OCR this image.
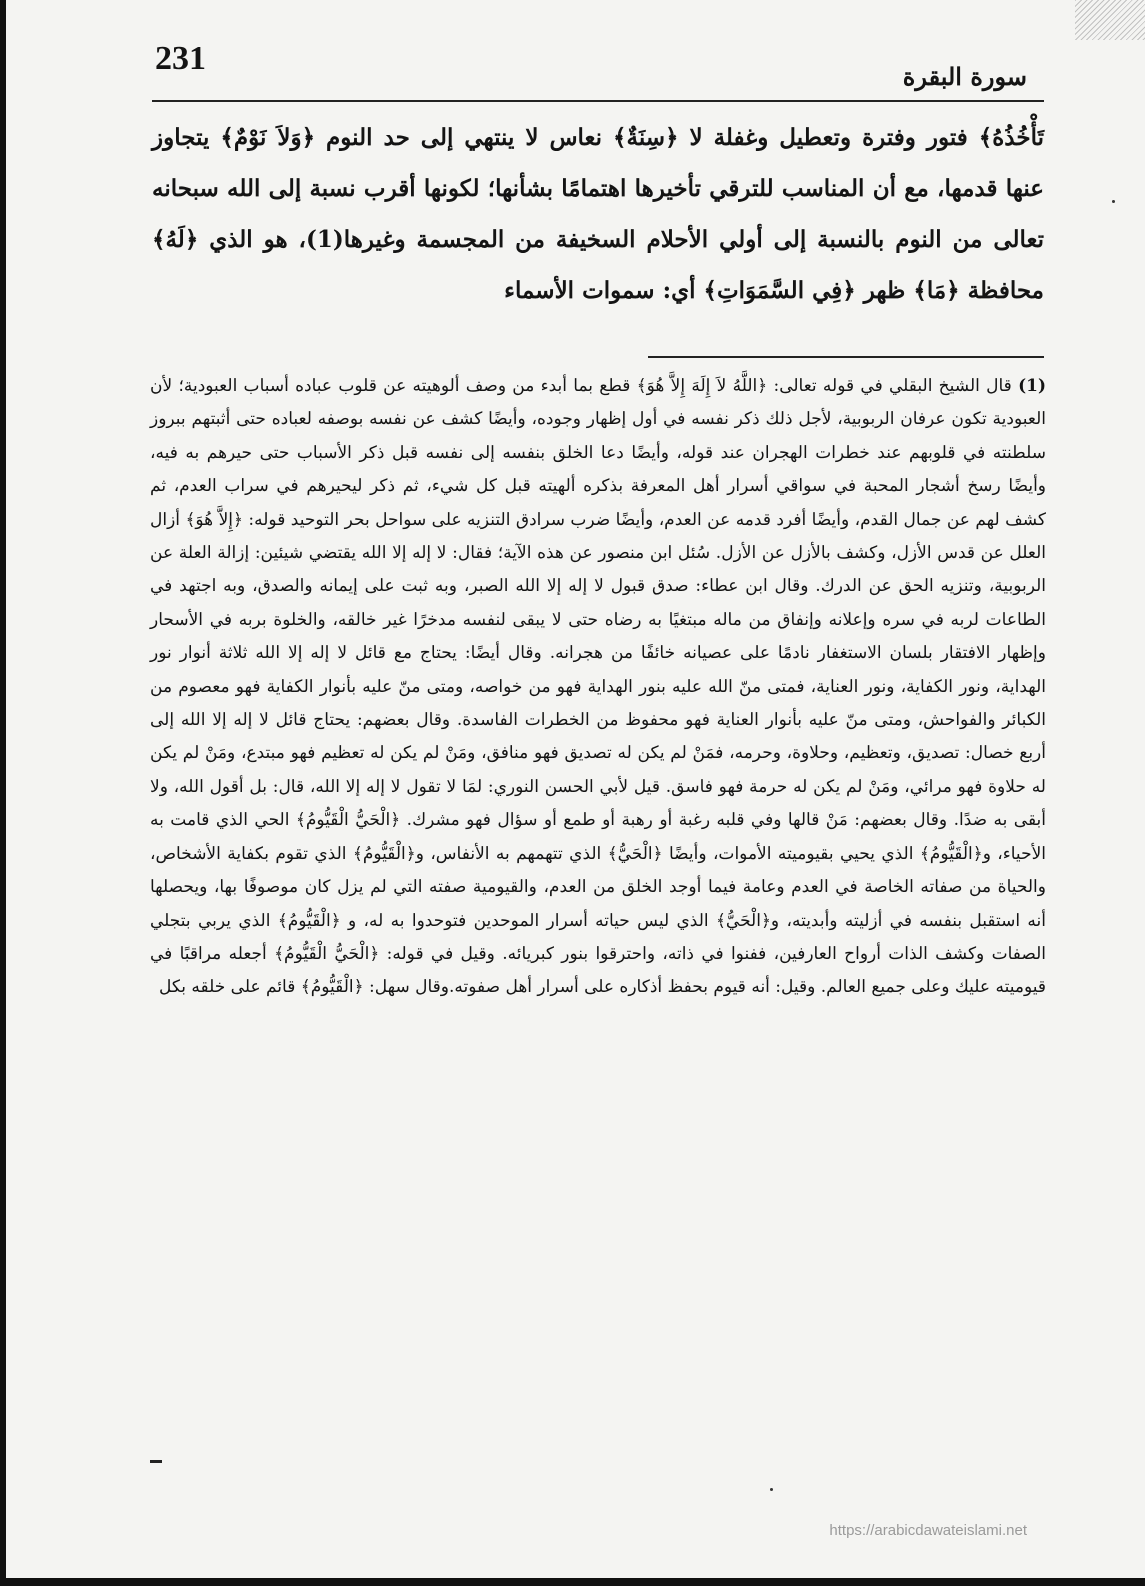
231	سورة البقرة

تَأْخُذُهُ﴾ فتور وفترة وتعطيل وغفلة لا ﴿سِنَةٌ﴾ نعاس لا ينتهي إلى حد النوم ﴿وَلاَ نَوْمٌ﴾ يتجاوز عنها قدمها، مع أن المناسب للترقي تأخيرها اهتمامًا بشأنها؛ لكونها أقرب نسبة إلى الله سبحانه تعالى من النوم بالنسبة إلى أولي الأحلام السخيفة من المجسمة وغيرها(1)، هو الذي ﴿لَهُ﴾ محافظة ﴿مَا﴾ ظهر ﴿فِي السَّمَوَاتِ﴾ أي: سموات الأسماء

(1) قال الشيخ البقلي في قوله تعالى: ﴿اللَّهُ لاَ إِلَهَ إِلاَّ هُوَ﴾ قطع بما أبدء من وصف ألوهيته عن قلوب عباده أسباب العبودية؛ لأن العبودية تكون عرفان الربوبية، لأجل ذلك ذكر نفسه في أول إظهار وجوده، وأيضًا كشف عن نفسه بوصفه لعباده حتى أثبتهم ببروز سلطنته في قلوبهم عند خطرات الهجران عند قوله، وأيضًا دعا الخلق بنفسه إلى نفسه قبل ذكر الأسباب حتى حيرهم به فيه، وأيضًا رسخ أشجار المحبة في سواقي أسرار أهل المعرفة بذكره ألهيته قبل كل شيء، ثم ذكر ليحيرهم في سراب العدم، ثم كشف لهم عن جمال القدم، وأيضًا أفرد قدمه عن العدم، وأيضًا ضرب سرادق التنزيه على سواحل بحر التوحيد قوله: ﴿إِلاَّ هُوَ﴾ أزال العلل عن قدس الأزل، وكشف بالأزل عن الأزل. سُئل ابن منصور عن هذه الآية؛ فقال: لا إله إلا الله يقتضي شيئين: إزالة العلة عن الربوبية، وتنزيه الحق عن الدرك. وقال ابن عطاء: صدق قبول لا إله إلا الله الصبر، وبه ثبت على إيمانه والصدق، وبه اجتهد في الطاعات لربه في سره وإعلانه وإنفاق من ماله مبتغيًا به رضاه حتى لا يبقى لنفسه مدخرًا غير خالقه، والخلوة بربه في الأسحار وإظهار الافتقار بلسان الاستغفار نادمًا على عصيانه خائفًا من هجرانه. وقال أيضًا: يحتاج مع قائل لا إله إلا الله ثلاثة أنوار نور الهداية، ونور الكفاية، ونور العناية، فمتى منّ الله عليه بنور الهداية فهو من خواصه، ومتى منّ عليه بأنوار الكفاية فهو معصوم من الكبائر والفواحش، ومتى منّ عليه بأنوار العناية فهو محفوظ من الخطرات الفاسدة. وقال بعضهم: يحتاج قائل لا إله إلا الله إلى أربع خصال: تصديق، وتعظيم، وحلاوة، وحرمه، فمَنْ لم يكن له تصديق فهو منافق، ومَنْ لم يكن له تعظيم فهو مبتدع، ومَنْ لم يكن له حلاوة فهو مرائي، ومَنْ لم يكن له حرمة فهو فاسق. قيل لأبي الحسن النوري: لمَا لا تقول لا إله إلا الله، قال: بل أقول الله، ولا أبقى به ضدًا. وقال بعضهم: مَنْ قالها وفي قلبه رغبة أو رهبة أو طمع أو سؤال فهو مشرك. ﴿الْحَيُّ الْقَيُّومُ﴾ الحي الذي قامت به الأحياء، و﴿الْقَيُّومُ﴾ الذي يحيي بقيوميته الأموات، وأيضًا ﴿الْحَيُّ﴾ الذي تتهمهم به الأنفاس، و﴿الْقَيُّومُ﴾ الذي تقوم بكفاية الأشخاص، والحياة من صفاته الخاصة في العدم وعامة فيما أوجد الخلق من العدم، والقيومية صفته التي لم يزل كان موصوفًا بها، ويحصلها أنه استقبل بنفسه في أزليته وأبديته، و﴿الْحَيُّ﴾ الذي ليس حياته أسرار الموحدين فتوحدوا به له، و ﴿الْقَيُّومُ﴾ الذي يربي بتجلي الصفات وكشف الذات أرواح العارفين، ففنوا في ذاته، واحترقوا بنور كبريائه. وقيل في قوله: ﴿الْحَيُّ الْقَيُّومُ﴾ أجعله مراقبًا في قيوميته عليك وعلى جميع العالم. وقيل: أنه قيوم بحفظ أذكاره على أسرار أهل صفوته.وقال سهل: ﴿الْقَيُّومُ﴾ قائم على خلقه بكل

https://arabicdawateislami.net
